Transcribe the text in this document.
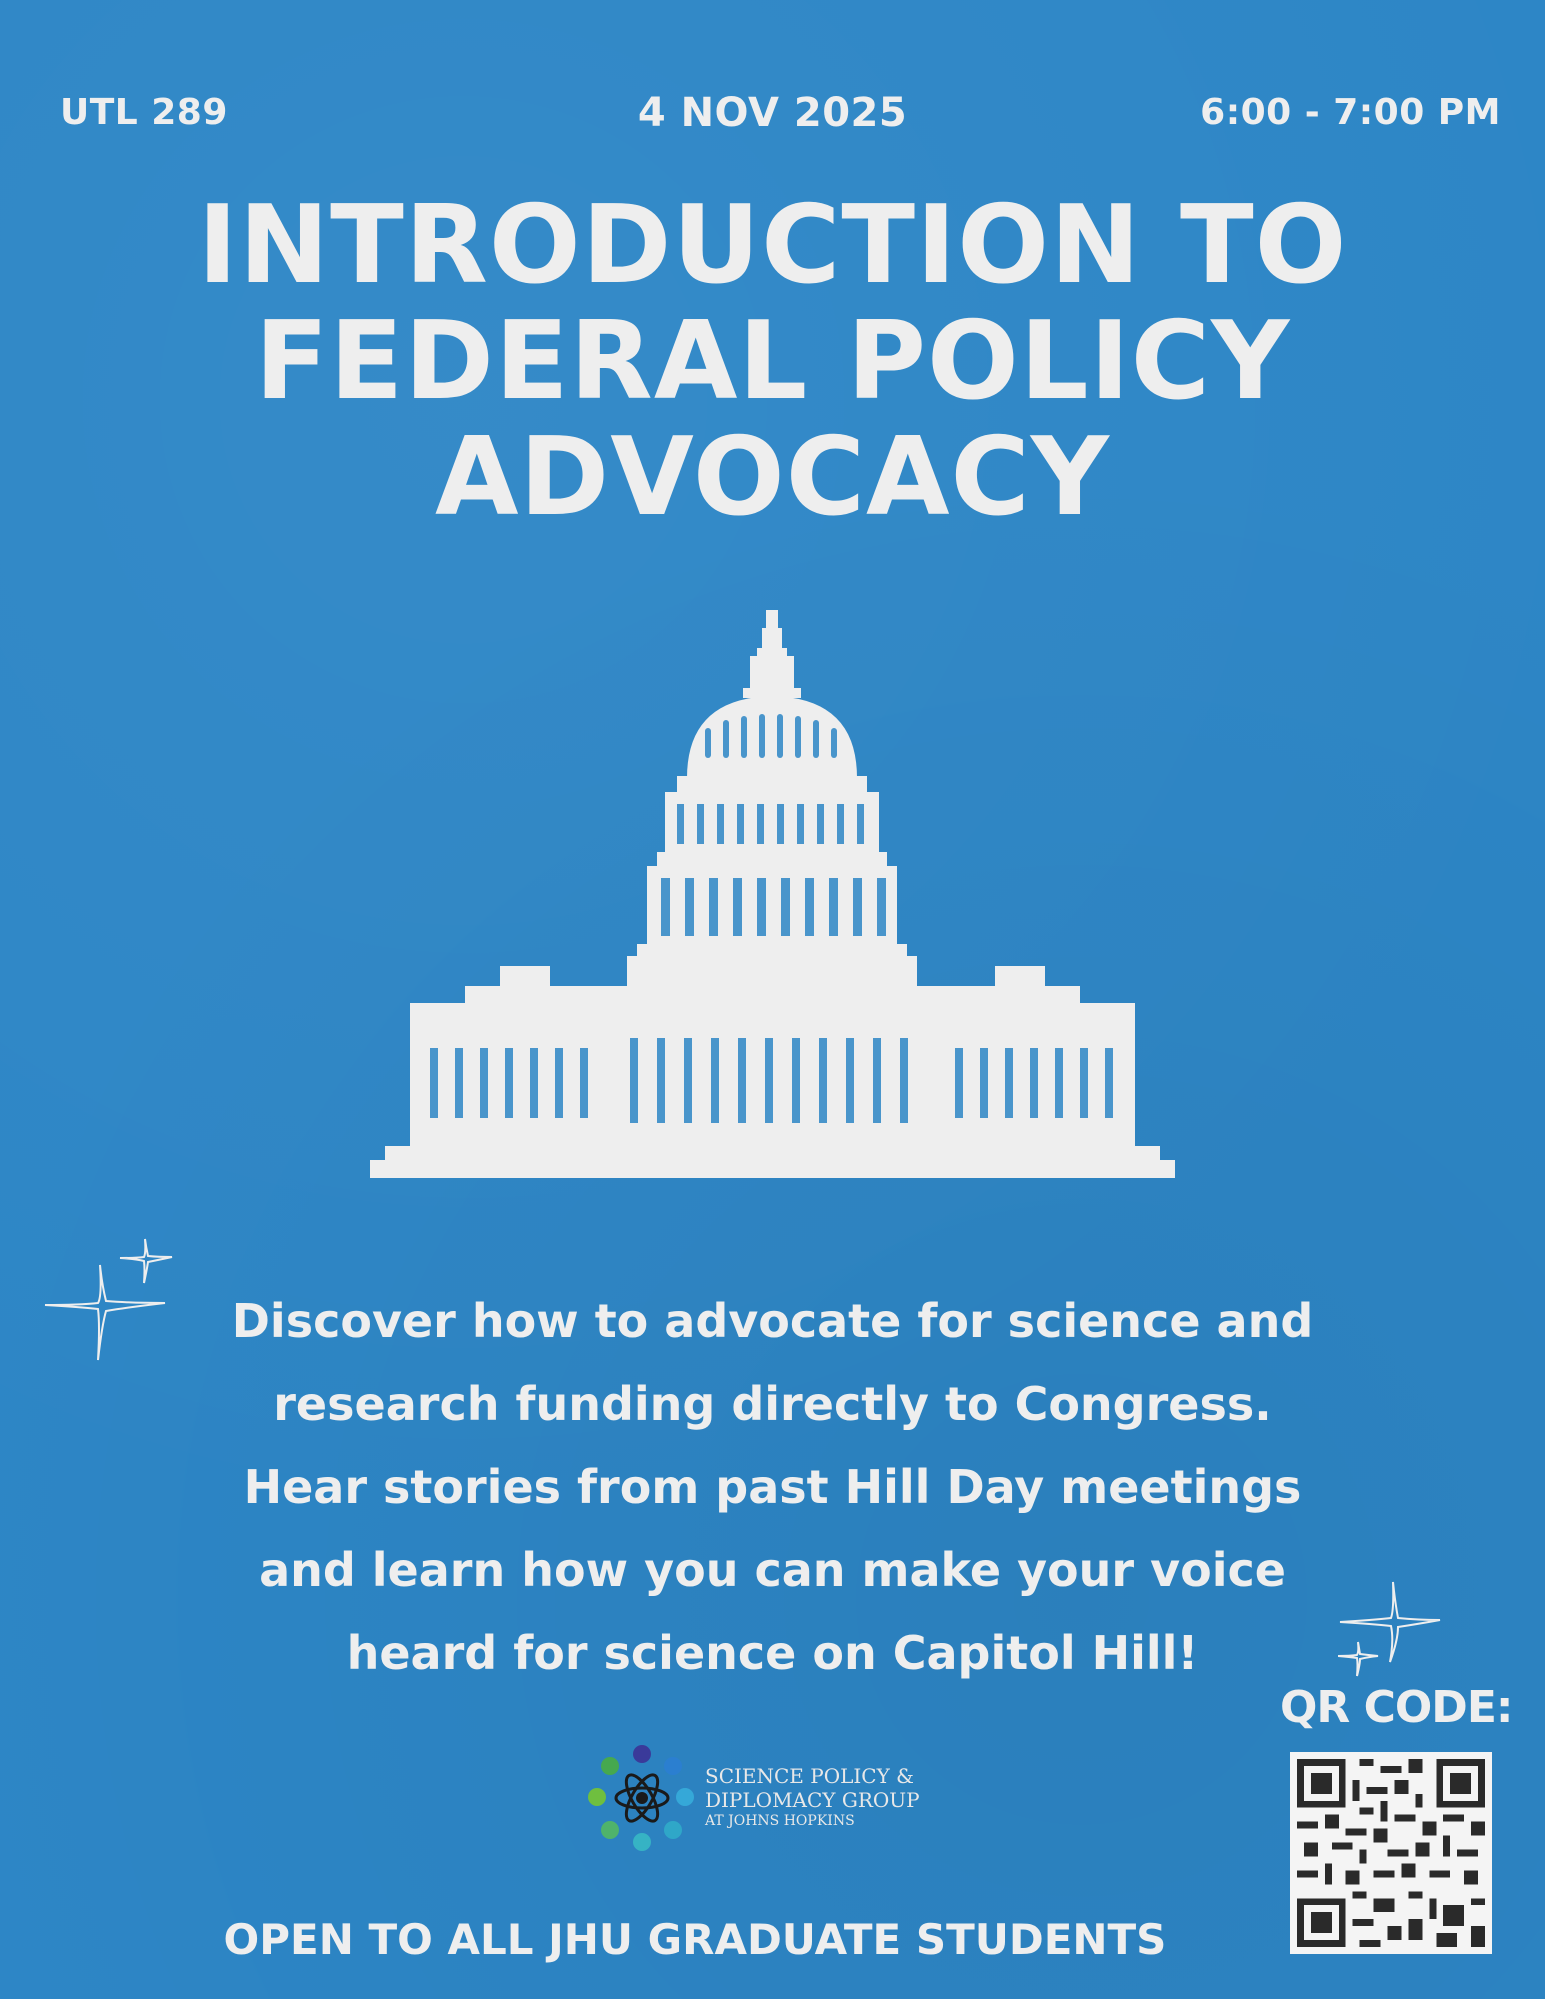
UTL 289	4 NOV 2025	6:00 - 7:00 PM
INTRODUCTION TO
FEDERAL POLICY
ADVOCACY
Discover how to advocate for science and
research funding directly to Congress.
Hear stories from past Hill Day meetings
and learn how you can make your voice
heard for science on Capitol Hill!
QR CODE:
SCIENCE POLICY &
DIPLOMACY GROUP
AT JOHNS HOPKINS
OPEN TO ALL JHU GRADUATE STUDENTS
